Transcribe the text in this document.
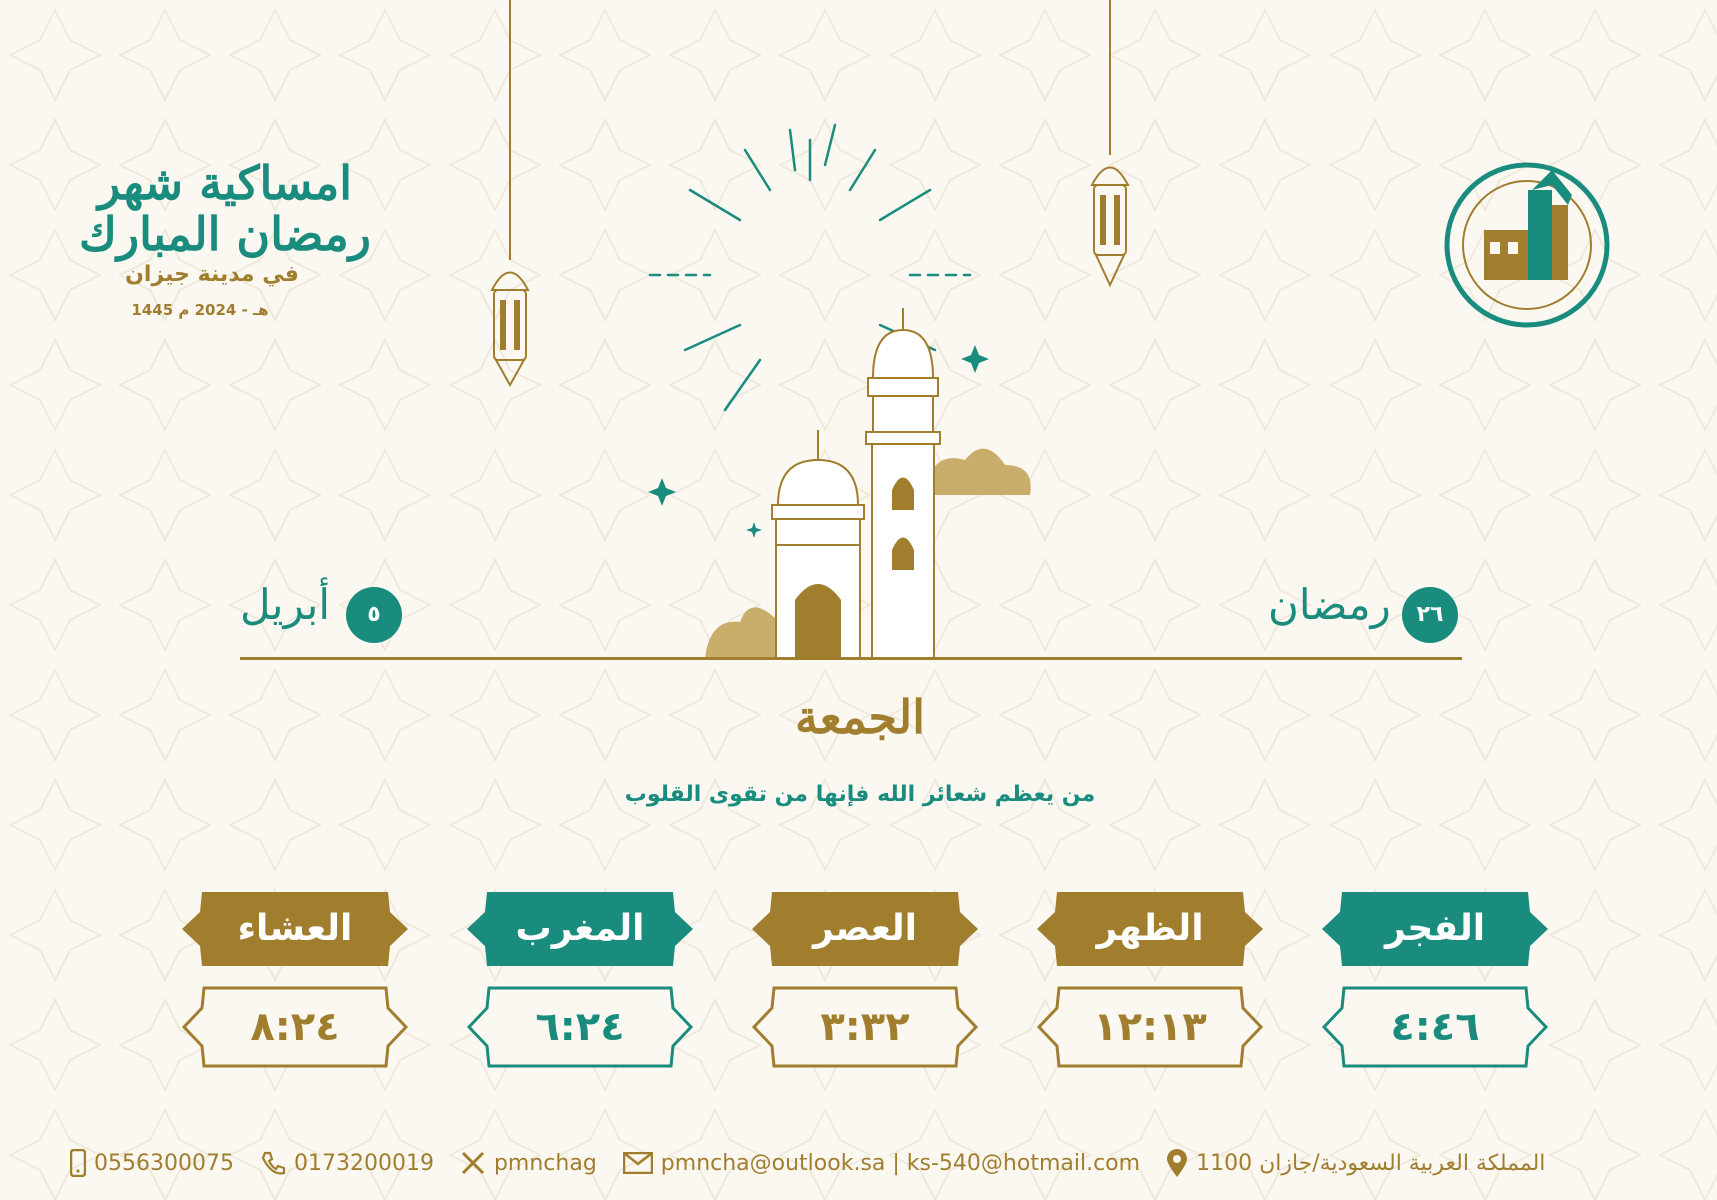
امساكية شهر رمضان المبارك
في مدينة جيزان
1445 هـ - 2024 م
أبريل	٥	٢٦
رمضان
الجمعة
من يعظم شعائر الله فإنها من تقوى القلوب
العشاء
٨:٢٤
المغرب
٦:٢٤
العصر
٣:٣٢
الظهر
١٢:١٣
الفجر
٤:٤٦
0556300075	0173200019	pmnchag	pmncha@outlook.sa | ks-540@hotmail.com	المملكة العربية السعودية/جازان 1100
